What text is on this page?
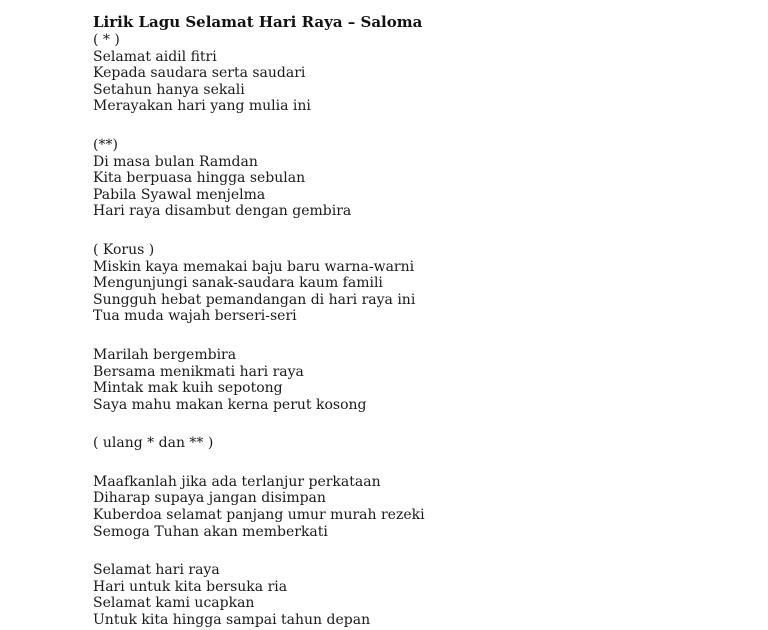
Lirik Lagu Selamat Hari Raya – Saloma
( * )
Selamat aidil fitri
Kepada saudara serta saudari
Setahun hanya sekali
Merayakan hari yang mulia ini
(**)
Di masa bulan Ramdan
Kita berpuasa hingga sebulan
Pabila Syawal menjelma
Hari raya disambut dengan gembira
( Korus )
Miskin kaya memakai baju baru warna-warni
Mengunjungi sanak-saudara kaum famili
Sungguh hebat pemandangan di hari raya ini
Tua muda wajah berseri-seri
Marilah bergembira
Bersama menikmati hari raya
Mintak mak kuih sepotong
Saya mahu makan kerna perut kosong
( ulang * dan ** )
Maafkanlah jika ada terlanjur perkataan
Diharap supaya jangan disimpan
Kuberdoa selamat panjang umur murah rezeki
Semoga Tuhan akan memberkati
Selamat hari raya
Hari untuk kita bersuka ria
Selamat kami ucapkan
Untuk kita hingga sampai tahun depan
